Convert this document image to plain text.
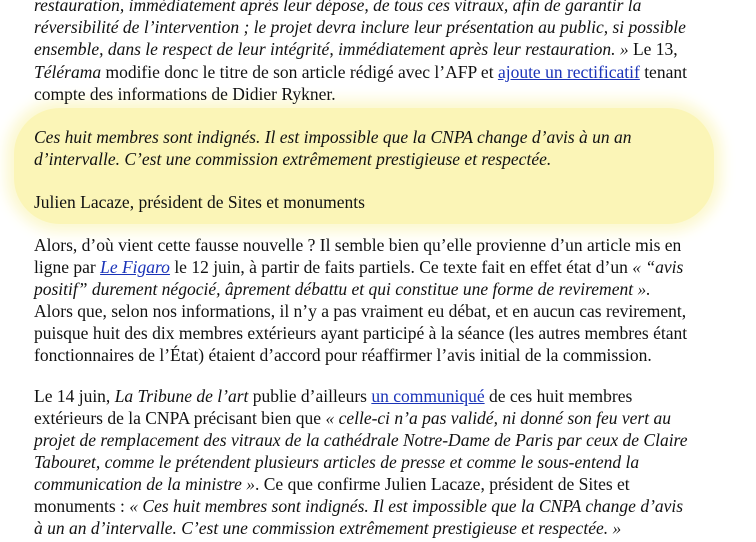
restauration, immédiatement après leur dépose, de tous ces vitraux, afin de garantir la
réversibilité de l’intervention ; le projet devra inclure leur présentation au public, si possible
ensemble, dans le respect de leur intégrité, immédiatement après leur restauration. » Le 13,
Télérama modifie donc le titre de son article rédigé avec l’AFP et ajoute un rectificatif tenant
compte des informations de Didier Rykner.
Ces huit membres sont indignés. Il est impossible que la CNPA change d’avis à un an
d’intervalle. C’est une commission extrêmement prestigieuse et respectée.
Julien Lacaze, président de Sites et monuments
Alors, d’où vient cette fausse nouvelle ? Il semble bien qu’elle provienne d’un article mis en
ligne par Le Figaro le 12 juin, à partir de faits partiels. Ce texte fait en effet état d’un « “avis
positif” durement négocié, âprement débattu et qui constitue une forme de revirement ».
Alors que, selon nos informations, il n’y a pas vraiment eu débat, et en aucun cas revirement,
puisque huit des dix membres extérieurs ayant participé à la séance (les autres membres étant
fonctionnaires de l’État) étaient d’accord pour réaffirmer l’avis initial de la commission.
Le 14 juin, La Tribune de l’art publie d’ailleurs un communiqué de ces huit membres
extérieurs de la CNPA précisant bien que « celle-ci n’a pas validé, ni donné son feu vert au
projet de remplacement des vitraux de la cathédrale Notre-Dame de Paris par ceux de Claire
Tabouret, comme le prétendent plusieurs articles de presse et comme le sous-entend la
communication de la ministre ». Ce que confirme Julien Lacaze, président de Sites et
monuments : « Ces huit membres sont indignés. Il est impossible que la CNPA change d’avis
à un an d’intervalle. C’est une commission extrêmement prestigieuse et respectée. »
